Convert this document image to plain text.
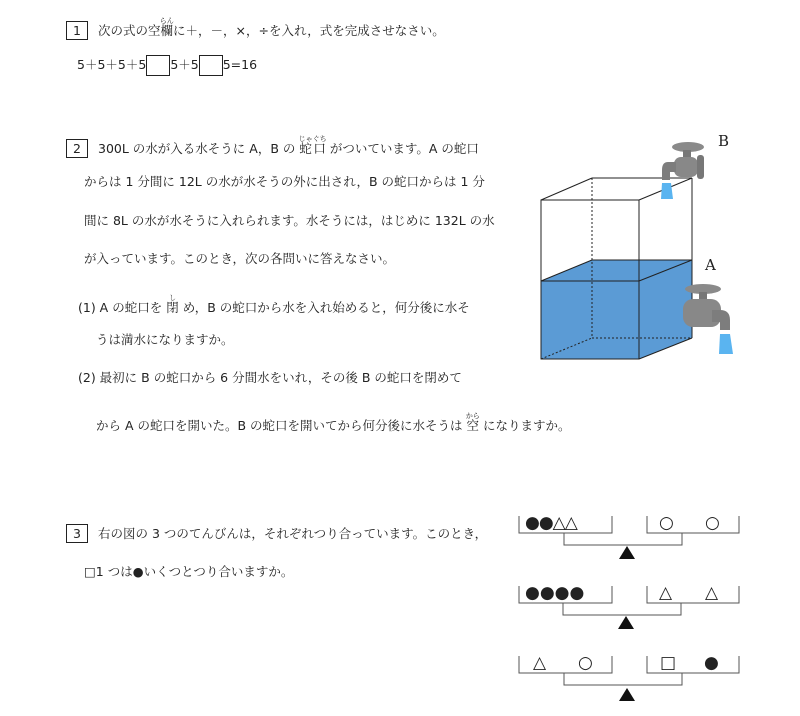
1 次の式の空欄らんに＋，－，×，÷を入れ，式を完成させなさい。
5＋5＋5＋5 5＋5 5=16
2 300L の水が入る水そうに A，B の 蛇口じゃぐち がついています。A の蛇口
からは 1 分間に 12L の水が水そうの外に出され，B の蛇口からは 1 分
間に 8L の水が水そうに入れられます。水そうには，はじめに 132L の水
が入っています。このとき，次の各問いに答えなさい。
(1) A の蛇口を 閉し め，B の蛇口から水を入れ始めると，何分後に水そ
うは満水になりますか。
(2) 最初に B の蛇口から 6 分間水をいれ，その後 B の蛇口を閉めて
から A の蛇口を開いた。B の蛇口を開いてから何分後に水そうは 空から になりますか。
B
A
3 右の図の 3 つのてんびんは，それぞれつり合っています。このとき，
□1 つは●いくつとつり合いますか。
●●△△	○ ○
●●●●	△ △
△ ○	□ ●
